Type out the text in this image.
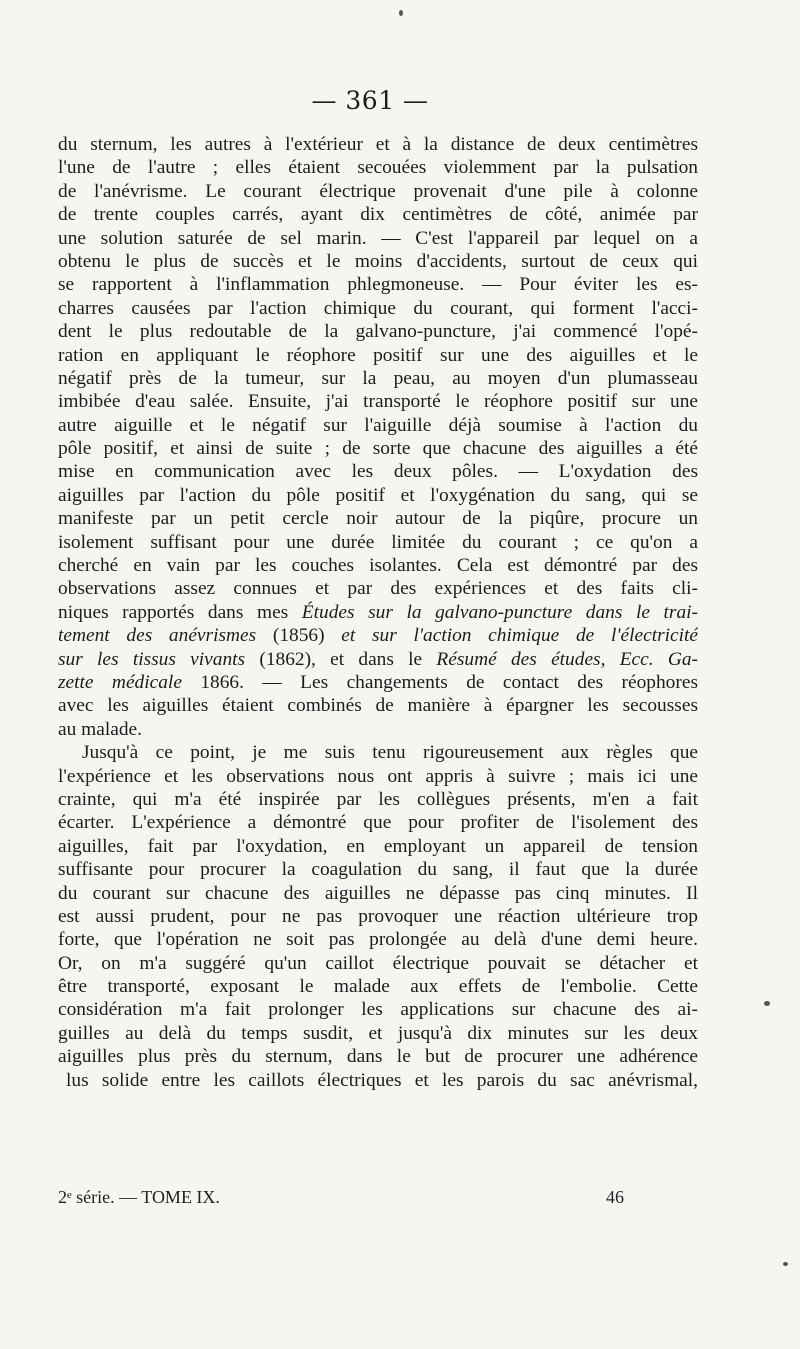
— 361 —
du sternum, les autres à l'extérieur et à la distance de deux centimètres
l'une de l'autre ; elles étaient secouées violemment par la pulsation
de l'anévrisme. Le courant électrique provenait d'une pile à colonne
de trente couples carrés, ayant dix centimètres de côté, animée par
une solution saturée de sel marin. — C'est l'appareil par lequel on a
obtenu le plus de succès et le moins d'accidents, surtout de ceux qui
se rapportent à l'inflammation phlegmoneuse. — Pour éviter les es-
charres causées par l'action chimique du courant, qui forment l'acci-
dent le plus redoutable de la galvano-puncture, j'ai commencé l'opé-
ration en appliquant le réophore positif sur une des aiguilles et le
négatif près de la tumeur, sur la peau, au moyen d'un plumasseau
imbibée d'eau salée. Ensuite, j'ai transporté le réophore positif sur une
autre aiguille et le négatif sur l'aiguille déjà soumise à l'action du
pôle positif, et ainsi de suite ; de sorte que chacune des aiguilles a été
mise en communication avec les deux pôles. — L'oxydation des
aiguilles par l'action du pôle positif et l'oxygénation du sang, qui se
manifeste par un petit cercle noir autour de la piqûre, procure un
isolement suffisant pour une durée limitée du courant ; ce qu'on a
cherché en vain par les couches isolantes. Cela est démontré par des
observations assez connues et par des expériences et des faits cli-
niques rapportés dans mes Études sur la galvano-puncture dans le trai-
tement des anévrismes (1856) et sur l'action chimique de l'électricité
sur les tissus vivants (1862), et dans le Résumé des études, Ecc. Ga-
zette médicale 1866. — Les changements de contact des réophores
avec les aiguilles étaient combinés de manière à épargner les secousses
au malade.
Jusqu'à ce point, je me suis tenu rigoureusement aux règles que
l'expérience et les observations nous ont appris à suivre ; mais ici une
crainte, qui m'a été inspirée par les collègues présents, m'en a fait
écarter. L'expérience a démontré que pour profiter de l'isolement des
aiguilles, fait par l'oxydation, en employant un appareil de tension
suffisante pour procurer la coagulation du sang, il faut que la durée
du courant sur chacune des aiguilles ne dépasse pas cinq minutes. Il
est aussi prudent, pour ne pas provoquer une réaction ultérieure trop
forte, que l'opération ne soit pas prolongée au delà d'une demi heure.
Or, on m'a suggéré qu'un caillot électrique pouvait se détacher et
être transporté, exposant le malade aux effets de l'embolie. Cette
considération m'a fait prolonger les applications sur chacune des ai-
guilles au delà du temps susdit, et jusqu'à dix minutes sur les deux
aiguilles plus près du sternum, dans le but de procurer une adhérence
lus solide entre les caillots électriques et les parois du sac anévrismal,
2ᵉ série. — TOME IX.	46
